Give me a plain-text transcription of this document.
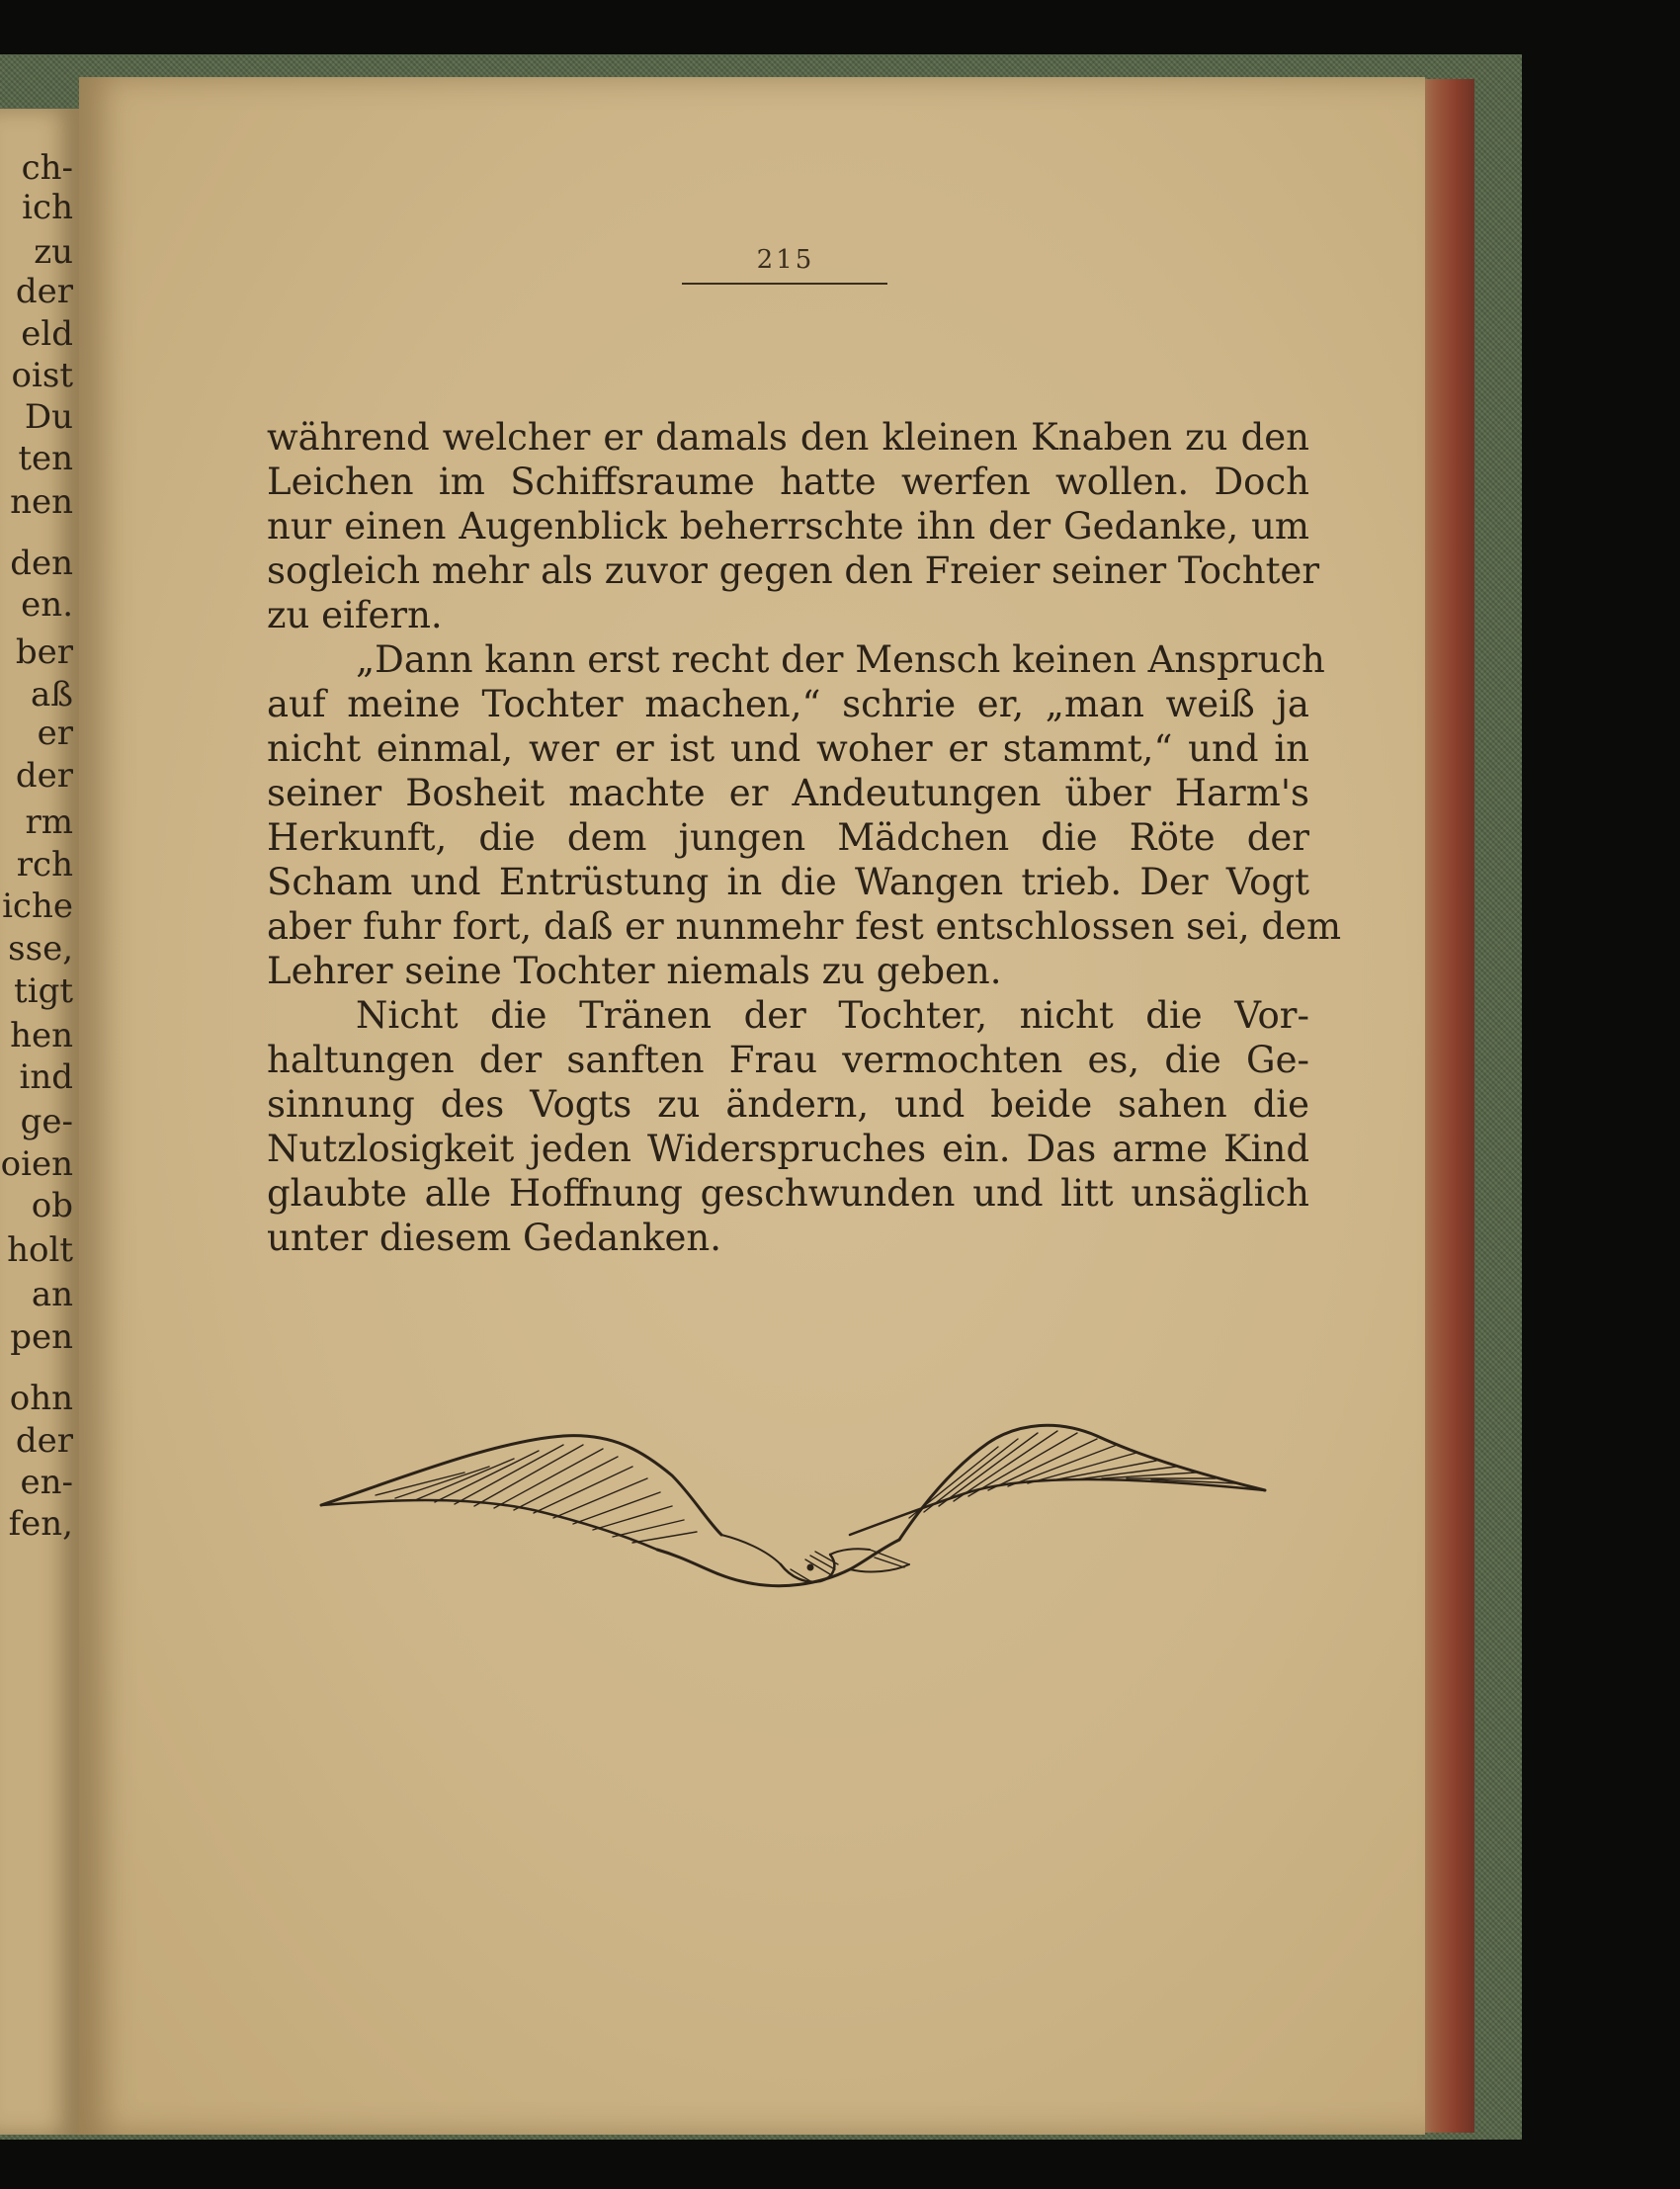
ch-
ich
zu
der
eld
oist
Du
ten
nen
den
en.
ber
aß
er
der
rm
rch
iche
sse,
tigt
hen
ind
ge-
oien
ob
holt
an
pen
ohn
der
en-
fen,
215
während welcher er damals den kleinen Knaben zu den
Leichen im Schiffsraume hatte werfen wollen. Doch
nur einen Augenblick beherrschte ihn der Gedanke, um
sogleich mehr als zuvor gegen den Freier seiner Tochter
zu eifern.
„Dann kann erst recht der Mensch keinen Anspruch
auf meine Tochter machen,“ schrie er, „man weiß ja
nicht einmal, wer er ist und woher er stammt,“ und in
seiner Bosheit machte er Andeutungen über Harm's
Herkunft, die dem jungen Mädchen die Röte der
Scham und Entrüstung in die Wangen trieb. Der Vogt
aber fuhr fort, daß er nunmehr fest entschlossen sei, dem
Lehrer seine Tochter niemals zu geben.
Nicht die Tränen der Tochter, nicht die Vor-
haltungen der sanften Frau vermochten es, die Ge-
sinnung des Vogts zu ändern, und beide sahen die
Nutzlosigkeit jeden Widerspruches ein. Das arme Kind
glaubte alle Hoffnung geschwunden und litt unsäglich
unter diesem Gedanken.
